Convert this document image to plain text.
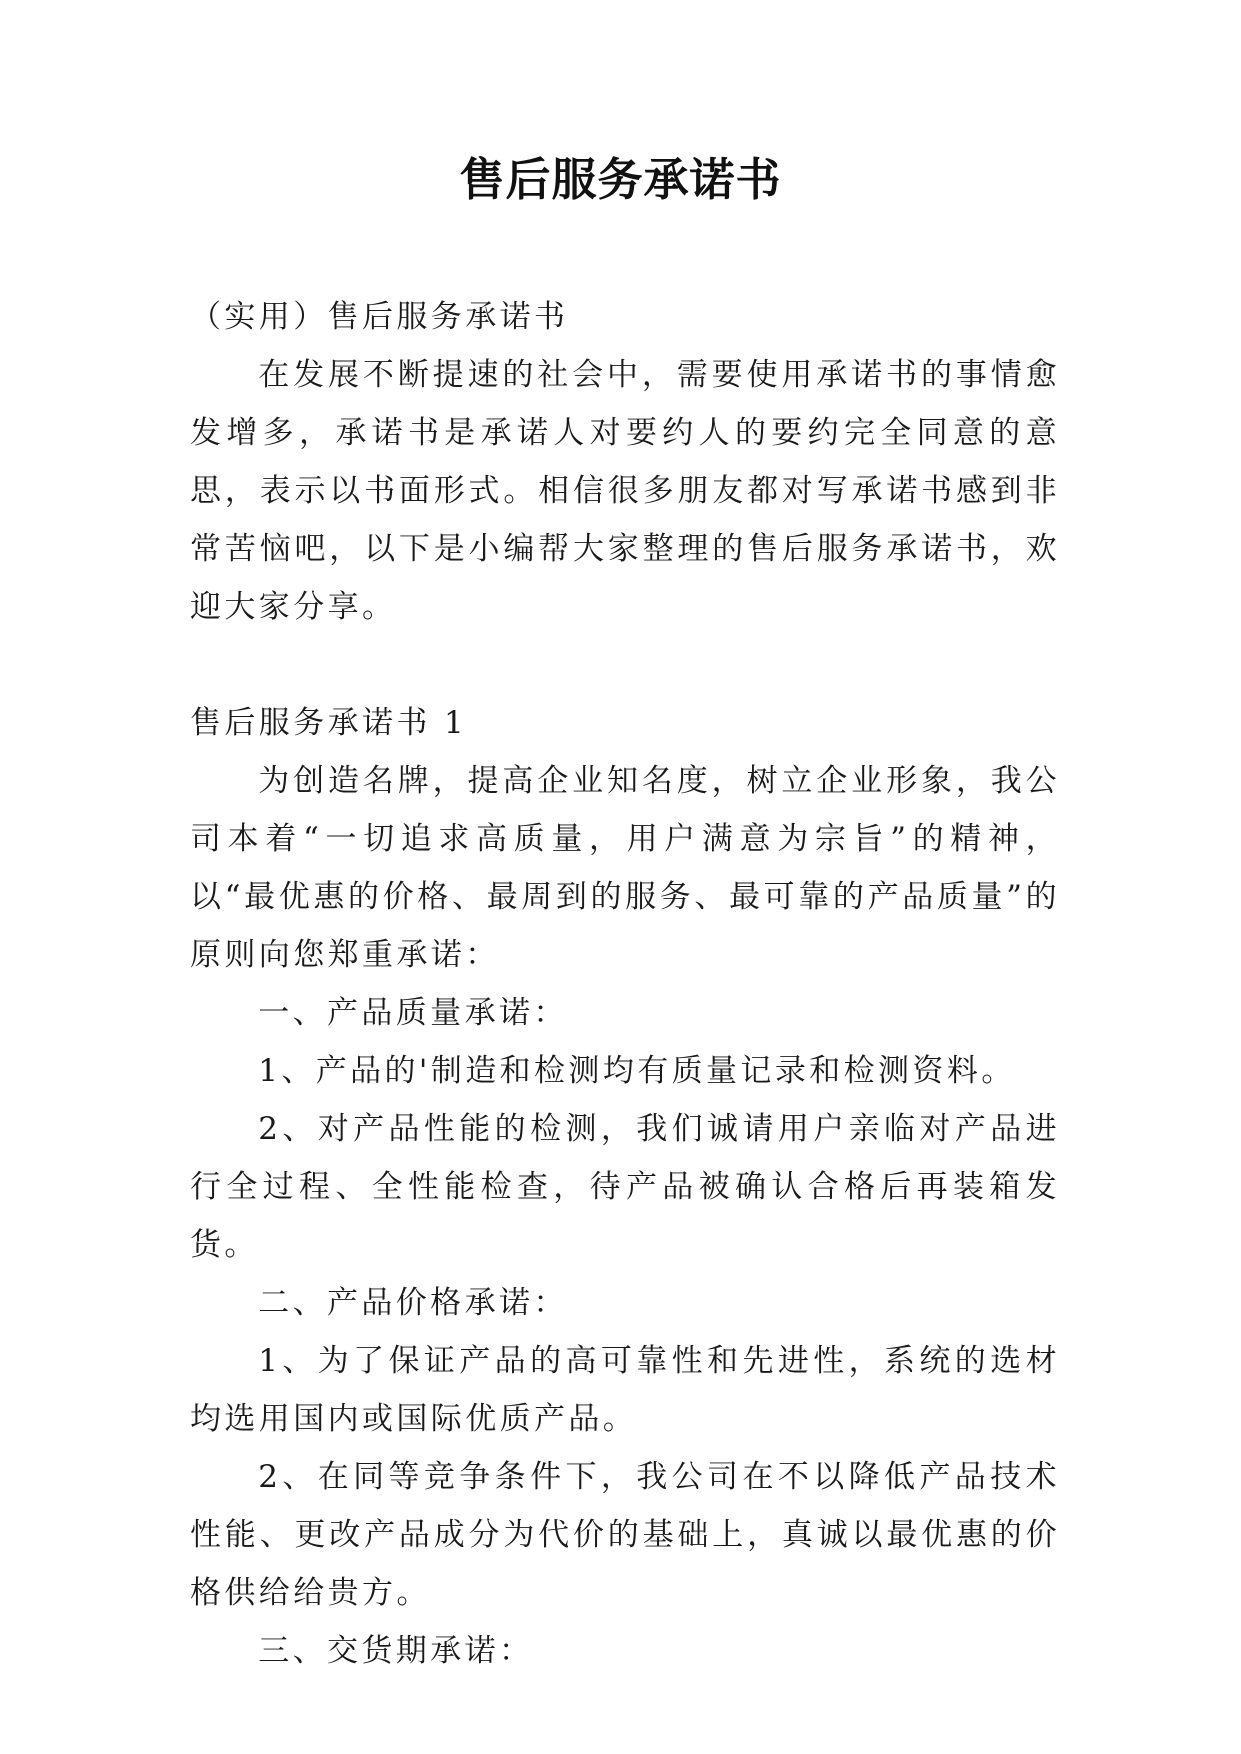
售后服务承诺书

（实用）售后服务承诺书

在发展不断提速的社会中，需要使用承诺书的事情愈发增多，承诺书是承诺人对要约人的要约完全同意的意思，表示以书面形式。相信很多朋友都对写承诺书感到非常苦恼吧，以下是小编帮大家整理的售后服务承诺书，欢迎大家分享。

售后服务承诺书 1

为创造名牌，提高企业知名度，树立企业形象，我公司本着“一切追求高质量，用户满意为宗旨”的精神，以“最优惠的价格、最周到的服务、最可靠的产品质量”的原则向您郑重承诺：

一、产品质量承诺：

1、产品的'制造和检测均有质量记录和检测资料。

2、对产品性能的检测，我们诚请用户亲临对产品进行全过程、全性能检查，待产品被确认合格后再装箱发货。

二、产品价格承诺：

1、为了保证产品的高可靠性和先进性，系统的选材均选用国内或国际优质产品。

2、在同等竞争条件下，我公司在不以降低产品技术性能、更改产品成分为代价的基础上，真诚以最优惠的价格供给给贵方。

三、交货期承诺：
